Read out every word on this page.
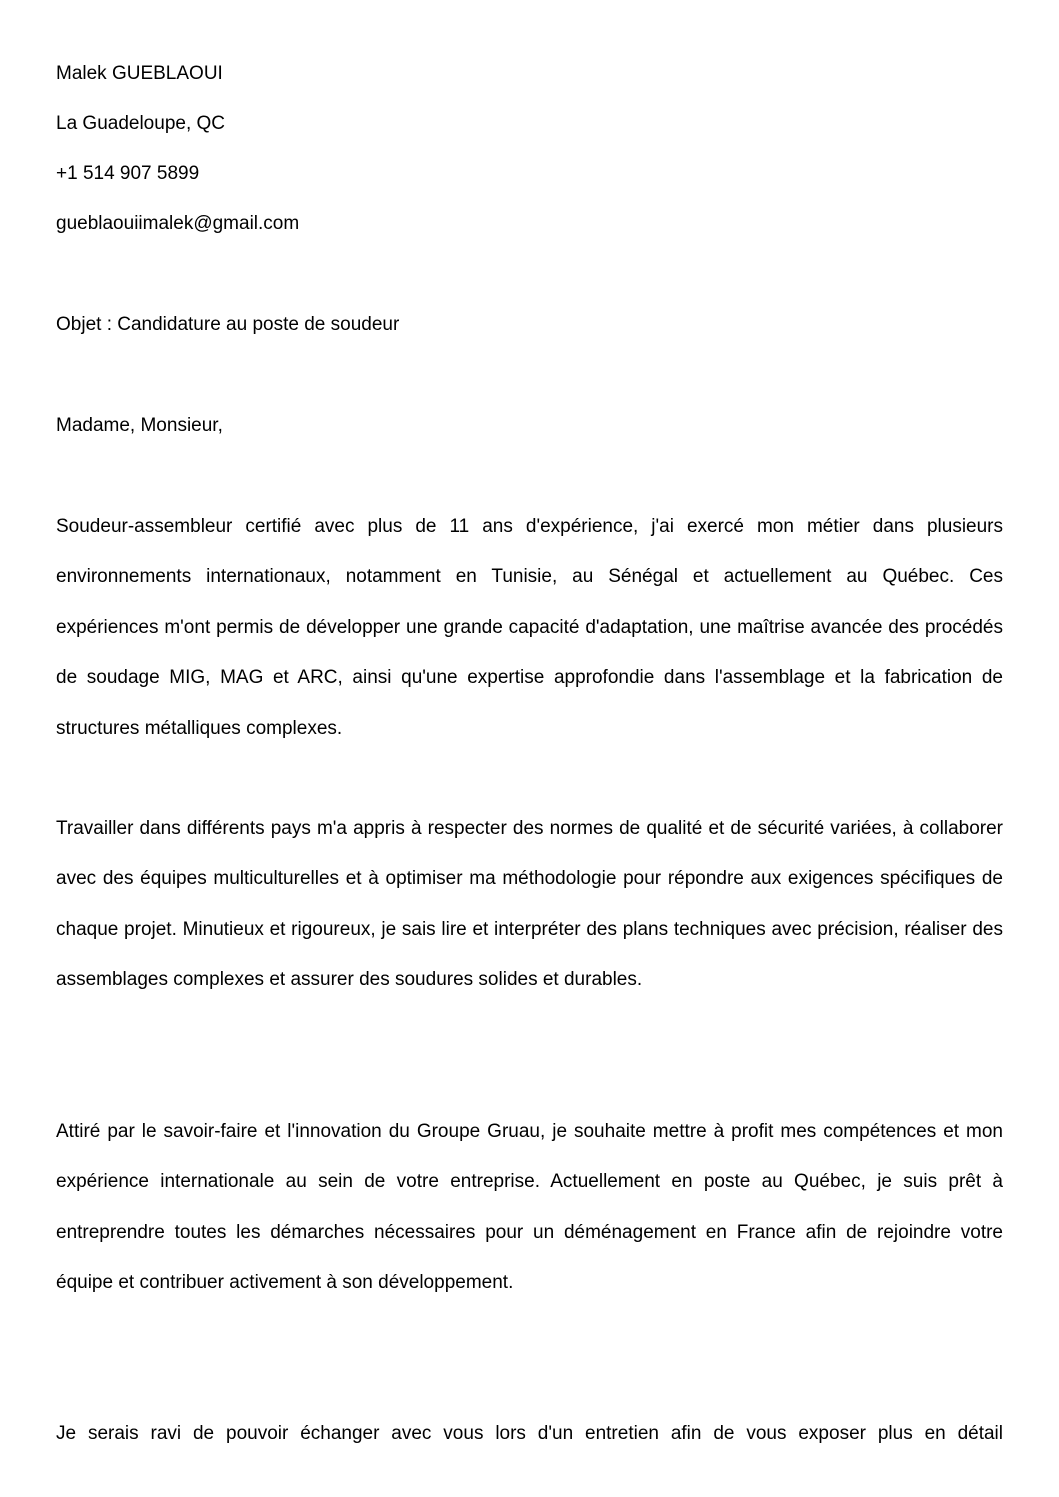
Malek GUEBLAOUI
La Guadeloupe, QC
+1 514 907 5899
gueblaouiimalek@gmail.com
Objet : Candidature au poste de soudeur
Madame, Monsieur,
Soudeur-assembleur certifié avec plus de 11 ans d'expérience, j'ai exercé mon métier dans plusieurs environnements internationaux, notamment en Tunisie, au Sénégal et actuellement au Québec. Ces expériences m'ont permis de développer une grande capacité d'adaptation, une maîtrise avancée des procédés de soudage MIG, MAG et ARC, ainsi qu'une expertise approfondie dans l'assemblage et la fabrication de structures métalliques complexes.
Travailler dans différents pays m'a appris à respecter des normes de qualité et de sécurité variées, à collaborer avec des équipes multiculturelles et à optimiser ma méthodologie pour répondre aux exigences spécifiques de chaque projet. Minutieux et rigoureux, je sais lire et interpréter des plans techniques avec précision, réaliser des assemblages complexes et assurer des soudures solides et durables.
Attiré par le savoir-faire et l'innovation du Groupe Gruau, je souhaite mettre à profit mes compétences et mon expérience internationale au sein de votre entreprise. Actuellement en poste au Québec, je suis prêt à entreprendre toutes les démarches nécessaires pour un déménagement en France afin de rejoindre votre équipe et contribuer activement à son développement.
Je serais ravi de pouvoir échanger avec vous lors d'un entretien afin de vous exposer plus en détail
